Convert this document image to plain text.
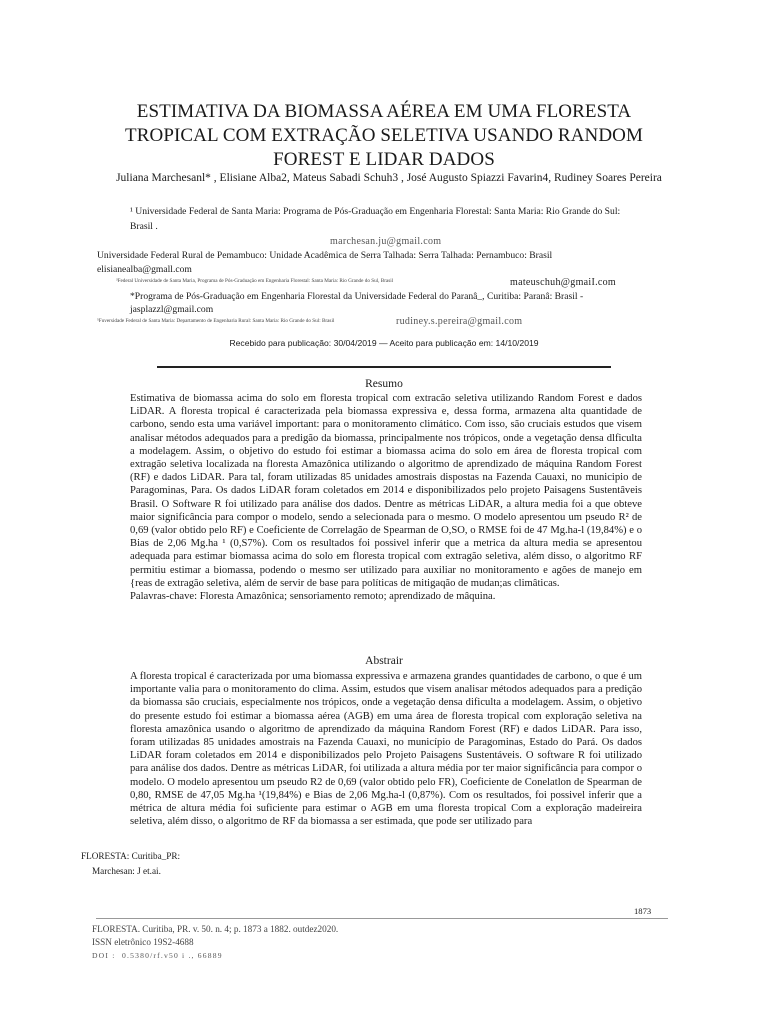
ESTIMATIVA DA BIOMASSA AÉREA EM UMA FLORESTA TROPICAL COM EXTRAÇÃO SELETIVA USANDO RANDOM FOREST E LIDAR DADOS
Juliana Marchesanl* , Elisiane Alba2, Mateus Sabadi Schuh3 , José Augusto Spiazzi Favarin4, Rudiney Soares Pereira
¹ Universidade Federal de Santa Maria: Programa de Pós-Graduação em Engenharia Florestal: Santa Maria: Rio Grande do Sul:
Brasil .
marchesan.ju@gmail.com
Universidade Federal Rural de Pemambuco: Unidade Acadêmica de Serra Talhada: Serra Talhada: Pernambuco: Brasil
elisianealba@gmall.com
³Federal Universidade de Santa Maria, Programa de Pós-Graduação em Engenharia Florestal: Santa Maria: Rio Grande do Sul, Brasil	mateuschuh@gmaiI.com
*Programa de Pós-Graduação em Engenharia Florestal da Universidade Federal do Paranâ_, Curitiba: Paranâ: Brasil -
jasplazzl@gmail.com
⁵Fuversidade Federal de Santa Maria: Departamento de Engenharia Rural: Santa Maria: Rio Grande do Sul: Brasil	rudiney.s.pereira@gmail.com
Recebido para publicação: 30/04/2019 — Aceito para publicação em: 14/10/2019
Resumo

Estimativa de biomassa acima do solo em floresta tropical com extracão seletiva utilizando Random Forest e dados LiDAR. A floresta tropical é caracterizada pela biomassa expressiva e, dessa forma, armazena alta quantidade de carbono, sendo esta uma variável important: para o monitoramento climático. Com isso, são cruciais estudos que visem analisar métodos adequados para a predigão da biomassa, principalmente nos trópicos, onde a vegetação densa dlficulta a modelagem. Assim, o objetivo do estudo foi estimar a biomassa acima do solo em área de floresta tropical com extragão seletiva localizada na floresta Amazônica utilizando o algoritmo de aprendizado de máquina Random Forest (RF) e dados LiDAR. Para tal, foram utilizadas 85 unidades amostrais dispostas na Fazenda Cauaxi, no municipio de Paragominas, Para. Os dados LiDAR foram coletados em 2014 e disponibilizados pelo projeto Paisagens Sustentâveis Brasil. O Software R foi utilizado para análise dos dados. Dentre as métricas LiDAR, a altura media foi a que obteve maior significância para compor o modelo, sendo a selecionada para o mesmo. O modelo apresentou um pseudo R² de 0,69 (valor obtido pelo RF) e Coeficiente de Correlagão de Spearman de O,SO, o RMSE foi de 47 Mg.ha-l (19,84%) e o Bias de 2,06 Mg.ha ¹ (0,S7%). Com os resultados foi possivel inferir que a metrica da altura media se apresentou adequada para estimar biomassa acima do solo em floresta tropical com extragão seletiva, além disso, o algoritmo RF permitiu estimar a biomassa, podendo o mesmo ser utilizado para auxiliar no monitoramento e agões de manejo em {reas de extragão seletiva, além de servir de base para políticas de mitigaqão de mudan;as climâticas.

Palavras-chave: Floresta Amazônica; sensoriamento remoto; aprendizado de mâquina.

Abstrair

A floresta tropical é caracterizada por uma biomassa expressiva e armazena grandes quantidades de carbono, o que é um importante valia para o monitoramento do clima. Assim, estudos que visem analisar métodos adequados para a predição da biomassa são cruciais, especialmente nos trópicos, onde a vegetação densa dificulta a modelagem. Assim, o objetivo do presente estudo foi estimar a biomassa aérea (AGB) em uma área de floresta tropical com exploração seletiva na floresta amazônica usando o algoritmo de aprendizado da máquina Random Forest (RF) e dados LiDAR. Para isso, foram utilizadas 85 unidades amostrais na Fazenda Cauaxi, no município de Paragominas, Estado do Pará. Os dados LiDAR foram coletados em 2014 e disponibilizados pelo Projeto Paisagens Sustentáveis. O software R foi utilizado para análise dos dados. Dentre as métricas LiDAR, foi utilizada a altura média por ter maior significância para compor o modelo. O modelo apresentou um pseudo R2 de 0,69 (valor obtido pelo FR), Coeficiente de Conelatlon de Spearman de 0,80, RMSE de 47,05 Mg.ha ¹(19,84%) e Bias de 2,06 Mg.ha-l (0,87%). Com os resultados, foi possivel inferir que a métrica de altura média foi suficiente para estimar o AGB em uma floresta tropical Com a exploração madeireira seletiva, além disso, o algoritmo de RF da biomassa a ser estimada, que pode ser utilizado para

FLORESTA: Curitiba_PR:
Marchesan: J et.ai.
1873
FLORESTA. Curitiba, PR. v. 50. n. 4; p. 1873 a 1882. outdez2020.
ISSN eletrônico 19S2-4688
DOI : 0.5380/rf.v50 i ., 66889
